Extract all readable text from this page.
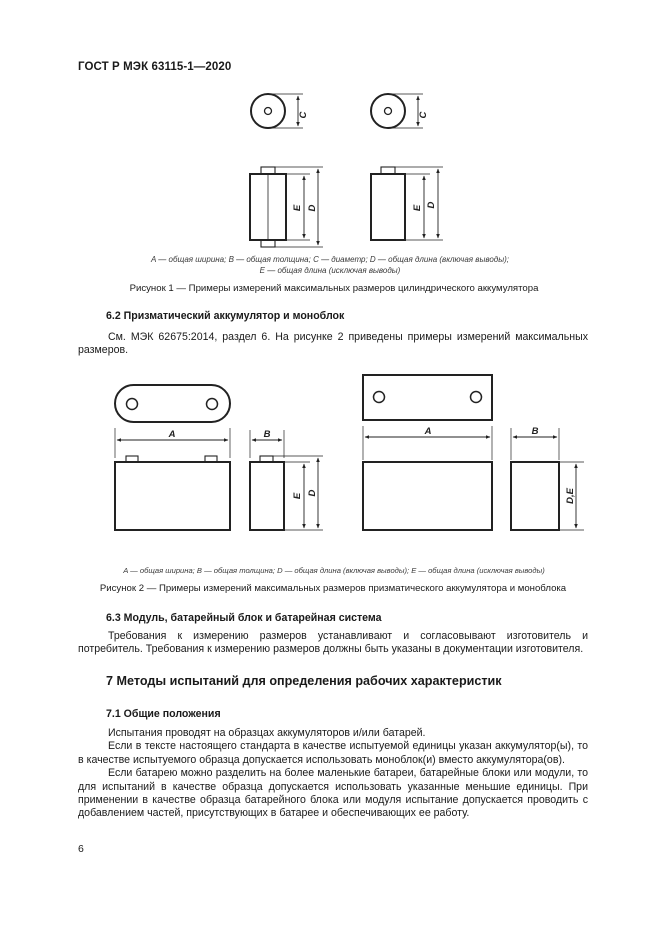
ГОСТ Р МЭК 63115-1—2020
C
E D
C
E D
A	B
E D
A	B
D,E
A — общая ширина; B — общая толщина; C — диаметр; D — общая длина (включая выводы);
E — общая длина (исключая выводы)
Рисунок 1 — Примеры измерений максимальных размеров цилиндрического аккумулятора
6.2 Призматический аккумулятор и моноблок

См. МЭК 62675:2014, раздел 6. На рисунке 2 приведены примеры измерений максимальных размеров.

A — общая ширина; B — общая толщина; D — общая длина (включая выводы); E — общая длина (исключая выводы)
Рисунок 2 — Примеры измерений максимальных размеров призматического аккумулятора и моноблока
6.3 Модуль, батарейный блок и батарейная система

Требования к измерению размеров устанавливают и согласовывают изготовитель и потребитель. Требования к измерению размеров должны быть указаны в документации изготовителя.

7 Методы испытаний для определения рабочих характеристик
7.1 Общие положения

Испытания проводят на образцах аккумуляторов и/или батарей.

Если в тексте настоящего стандарта в качестве испытуемой единицы указан аккумулятор(ы), то в качестве испытуемого образца допускается использовать моноблок(и) вместо аккумулятора(ов).

Если батарею можно разделить на более маленькие батареи, батарейные блоки или модули, то для испытаний в качестве образца допускается использовать указанные меньшие единицы. При применении в качестве образца батарейного блока или модуля испытание допускается проводить с добавлением частей, присутствующих в батарее и обеспечивающих ее работу.

6
